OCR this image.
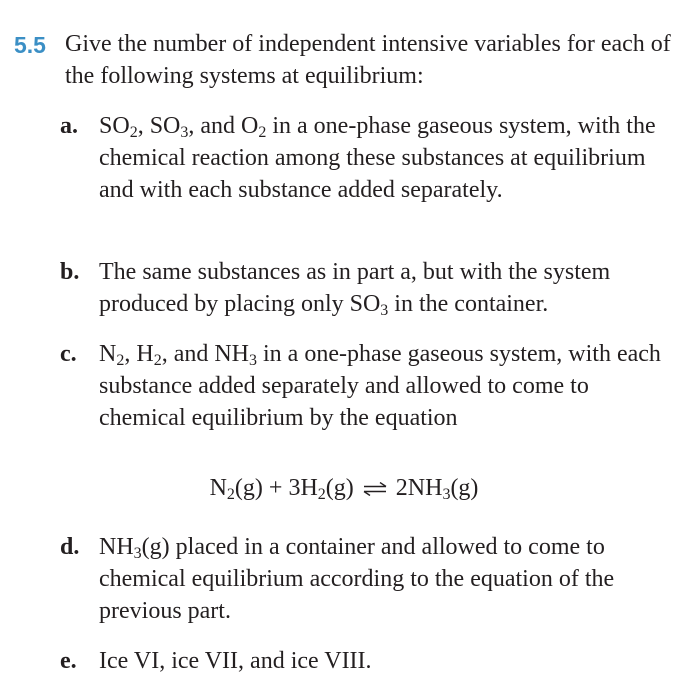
5.5 Give the number of independent intensive variables for each of the following systems at equilibrium:
a. $SO_2$, $SO_3$, and $O_2$ in a one-phase gaseous system, with the chemical reaction among these substances at equilibrium and with each substance added separately.
b. The same substances as in part a, but with the system produced by placing only $SO_3$ in the container.
c. $N_2$, $H_2$, and $NH_3$ in a one-phase gaseous system, with each substance added separately and allowed to come to chemical equilibrium by the equation
$N_2(g) + 3H_2(g)$ ⇌ $2NH_3(g)$
d. $NH_3(g)$ placed in a container and allowed to come to chemical equilibrium according to the equation of the previous part.
e. Ice VI, ice VII, and ice VIII.
